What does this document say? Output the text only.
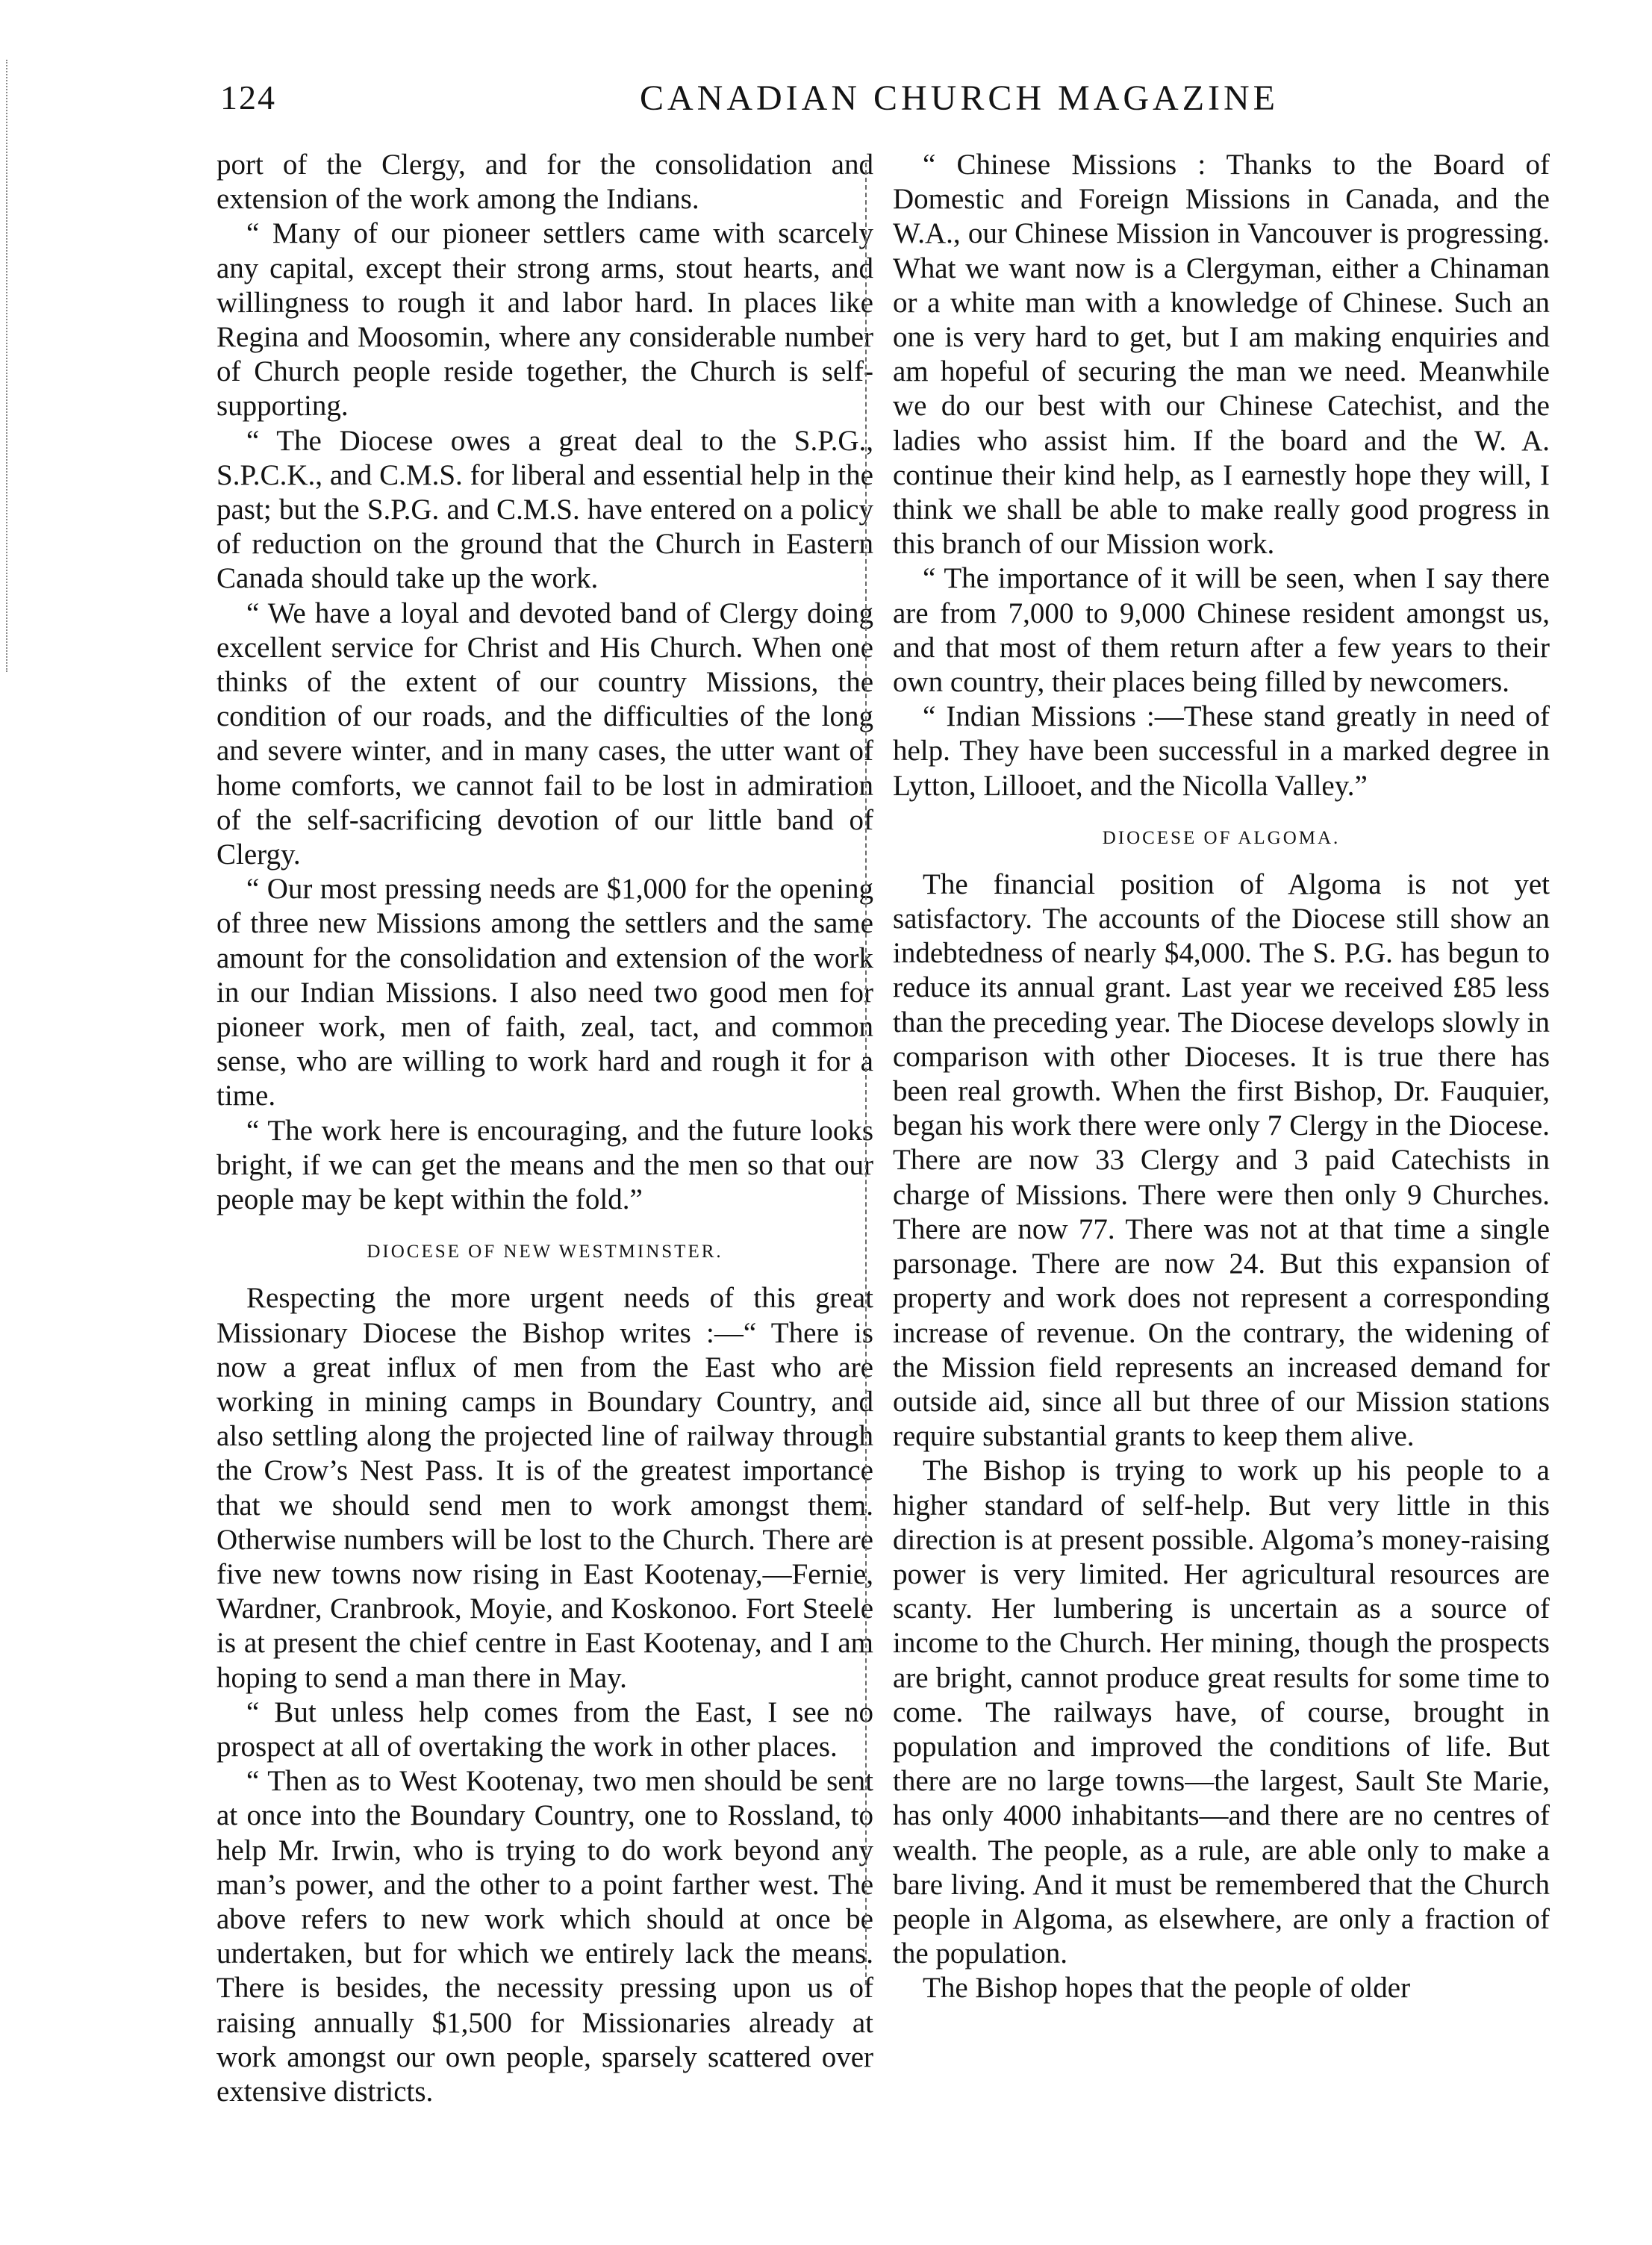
124	CANADIAN CHURCH MAGAZINE

port of the Clergy, and for the consolidation and extension of the work among the Indians.

“ Many of our pioneer settlers came with scarcely any capital, except their strong arms, stout hearts, and willingness to rough it and labor hard. In places like Regina and Moosomin, where any considerable number of Church people reside together, the Church is self-supporting.

“ The Diocese owes a great deal to the S.P.G., S.P.C.K., and C.M.S. for liberal and essential help in the past; but the S.P.G. and C.M.S. have entered on a policy of reduction on the ground that the Church in Eastern Canada should take up the work.

“ We have a loyal and devoted band of Clergy doing excellent service for Christ and His Church. When one thinks of the extent of our country Missions, the condition of our roads, and the difficulties of the long and severe winter, and in many cases, the utter want of home comforts, we cannot fail to be lost in admiration of the self-sacrificing devotion of our little band of Clergy.

“ Our most pressing needs are $1,000 for the opening of three new Missions among the settlers and the same amount for the consolidation and extension of the work in our Indian Missions. I also need two good men for pioneer work, men of faith, zeal, tact, and common sense, who are willing to work hard and rough it for a time.

“ The work here is encouraging, and the future looks bright, if we can get the means and the men so that our people may be kept within the fold.”

DIOCESE OF NEW WESTMINSTER.

Respecting the more urgent needs of this great Missionary Diocese the Bishop writes :—“ There is now a great influx of men from the East who are working in mining camps in Boundary Country, and also settling along the projected line of railway through the Crow’s Nest Pass. It is of the greatest importance that we should send men to work amongst them. Otherwise numbers will be lost to the Church. There are five new towns now rising in East Kootenay,—Fernie, Wardner, Cranbrook, Moyie, and Koskonoo. Fort Steele is at present the chief centre in East Kootenay, and I am hoping to send a man there in May.

“ But unless help comes from the East, I see no prospect at all of overtaking the work in other places.

“ Then as to West Kootenay, two men should be sent at once into the Boundary Country, one to Rossland, to help Mr. Irwin, who is trying to do work beyond any man’s power, and the other to a point farther west. The above refers to new work which should at once be undertaken, but for which we entirely lack the means. There is besides, the necessity pressing upon us of raising annually $1,500 for Missionaries already at work amongst our own people, sparsely scattered over extensive districts.

“ Chinese Missions : Thanks to the Board of Domestic and Foreign Missions in Canada, and the W.A., our Chinese Mission in Vancouver is progressing. What we want now is a Clergyman, either a Chinaman or a white man with a knowledge of Chinese. Such an one is very hard to get, but I am making enquiries and am hopeful of securing the man we need. Meanwhile we do our best with our Chinese Catechist, and the ladies who assist him. If the board and the W. A. continue their kind help, as I earnestly hope they will, I think we shall be able to make really good progress in this branch of our Mission work.

“ The importance of it will be seen, when I say there are from 7,000 to 9,000 Chinese resident amongst us, and that most of them return after a few years to their own country, their places being filled by newcomers.

“ Indian Missions :—These stand greatly in need of help. They have been successful in a marked degree in Lytton, Lillooet, and the Nicolla Valley.”

DIOCESE OF ALGOMA.

The financial position of Algoma is not yet satisfactory. The accounts of the Diocese still show an indebtedness of nearly $4,000. The S. P.G. has begun to reduce its annual grant. Last year we received £85 less than the preceding year. The Diocese develops slowly in comparison with other Dioceses. It is true there has been real growth. When the first Bishop, Dr. Fauquier, began his work there were only 7 Clergy in the Diocese. There are now 33 Clergy and 3 paid Catechists in charge of Missions. There were then only 9 Churches. There are now 77. There was not at that time a single parsonage. There are now 24. But this expansion of property and work does not represent a corresponding increase of revenue. On the contrary, the widening of the Mission field represents an increased demand for outside aid, since all but three of our Mission stations require substantial grants to keep them alive.

The Bishop is trying to work up his people to a higher standard of self-help. But very little in this direction is at present possible. Algoma’s money-raising power is very limited. Her agricultural resources are scanty. Her lumbering is uncertain as a source of income to the Church. Her mining, though the prospects are bright, cannot produce great results for some time to come. The railways have, of course, brought in population and improved the conditions of life. But there are no large towns—the largest, Sault Ste Marie, has only 4000 inhabitants—and there are no centres of wealth. The people, as a rule, are able only to make a bare living. And it must be remembered that the Church people in Algoma, as elsewhere, are only a fraction of the population.

The Bishop hopes that the people of older
